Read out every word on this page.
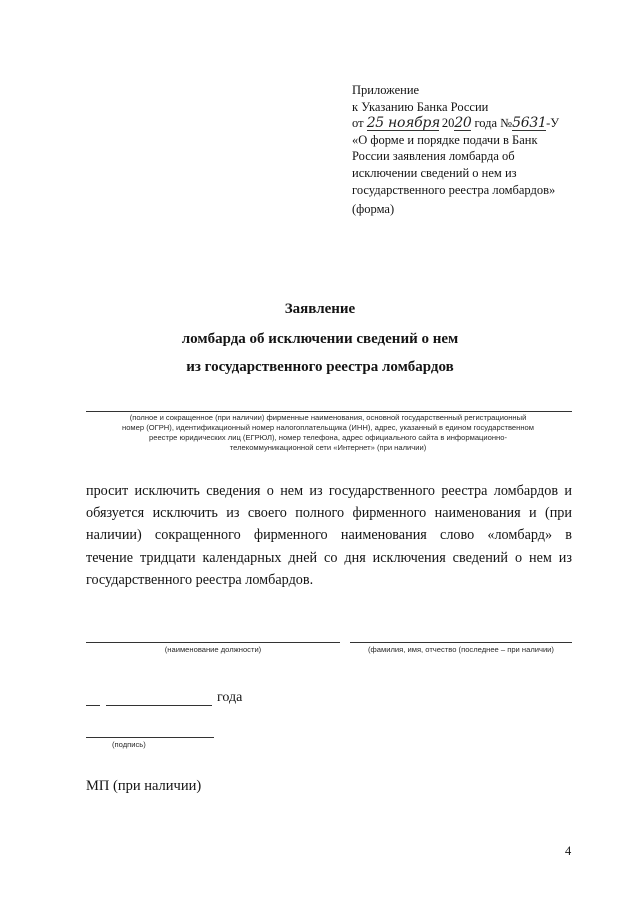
Приложение
к Указанию Банка России
от 25 ноября 2020 года №5631-У
«О форме и порядке подачи в Банк
России заявления ломбарда об
исключении сведений о нем из
государственного реестра ломбардов»
(форма)
Заявление
ломбарда об исключении сведений о нем
из государственного реестра ломбардов
(полное и сокращенное (при наличии) фирменные наименования, основной государственный регистрационный
номер (ОГРН), идентификационный номер налогоплательщика (ИНН), адрес, указанный в едином государственном
реестре юридических лиц (ЕГРЮЛ), номер телефона, адрес официального сайта в информационно-
телекоммуникационной сети «Интернет» (при наличии)
просит исключить сведения о нем из государственного реестра ломбардов и
обязуется исключить из своего полного фирменного наименования и (при
наличии) сокращенного фирменного наименования слово «ломбард» в
течение тридцати календарных дней со дня исключения сведений о нем из
государственного реестра ломбардов.
(наименование должности)	(фамилия, имя, отчество (последнее – при наличии)
года
(подпись)
МП (при наличии)
4
